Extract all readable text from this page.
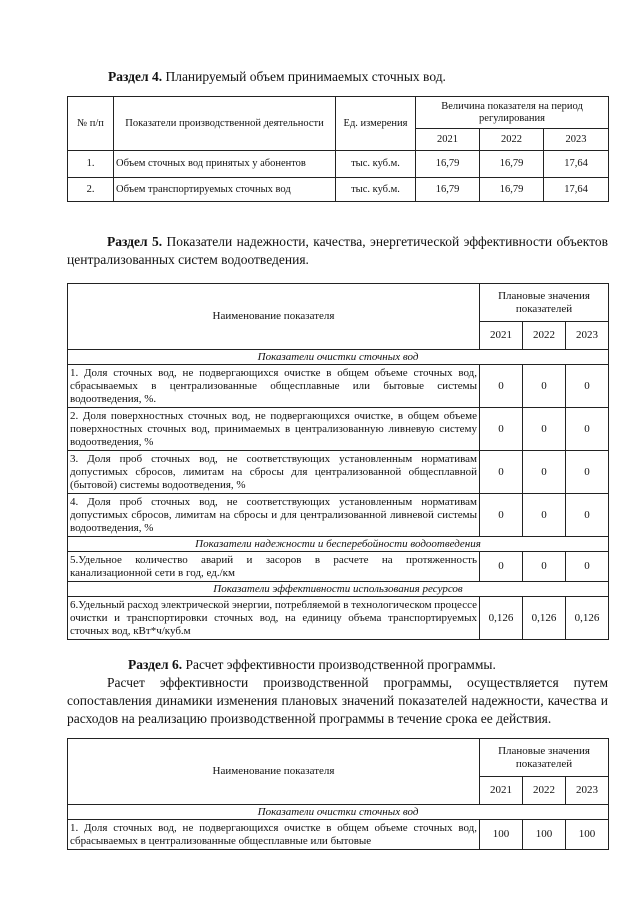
Раздел 4. Планируемый объем принимаемых сточных вод.
№ п/п	Показатели производственной деятельности	Ед. измерения	Величина показателя на период регулирования		
			2021	2022	2023
1.	Объем сточных вод принятых у абонентов	тыс. куб.м.	16,79	16,79	17,64
2.	Объем транспортируемых сточных вод	тыс. куб.м.	16,79	16,79	17,64
Раздел 5. Показатели надежности, качества, энергетической эффективности объектов централизованных систем водоотведения.
Наименование показателя	Плановые значения показателей		
	2021	2022	2023
Показатели очистки сточных вод			
1. Доля сточных вод, не подвергающихся очистке в общем объеме сточных вод, сбрасываемых в централизованные общесплавные или бытовые системы водоотведения, %.	0	0	0
2. Доля поверхностных сточных вод, не подвергающихся очистке, в общем объеме поверхностных сточных вод, принимаемых в централизованную ливневую систему водоотведения, %	0	0	0
3. Доля проб сточных вод, не соответствующих установленным нормативам допустимых сбросов, лимитам на сбросы для централизованной общесплавной (бытовой) системы водоотведения, %	0	0	0
4. Доля проб сточных вод, не соответствующих установленным нормативам допустимых сбросов, лимитам на сбросы и для централизованной ливневой системы водоотведения, %	0	0	0
Показатели надежности и бесперебойности водоотведения			
5.Удельное количество аварий и засоров в расчете на протяженность канализационной сети в год, ед./км	0	0	0
Показатели эффективности использования ресурсов			
6.Удельный расход электрической энергии, потребляемой в технологическом процессе очистки и транспортировки сточных вод, на единицу объема транспортируемых сточных вод, кВт*ч/куб.м	0,126	0,126	0,126
Раздел 6. Расчет эффективности производственной программы.
Расчет эффективности производственной программы, осуществляется путем сопоставления динамики изменения плановых значений показателей надежности, качества и расходов на реализацию производственной программы в течение срока ее действия.
Наименование показателя	Плановые значения показателей		
	2021	2022	2023
Показатели очистки сточных вод			
1. Доля сточных вод, не подвергающихся очистке в общем объеме сточных вод, сбрасываемых в централизованные общесплавные или бытовые	100	100	100
